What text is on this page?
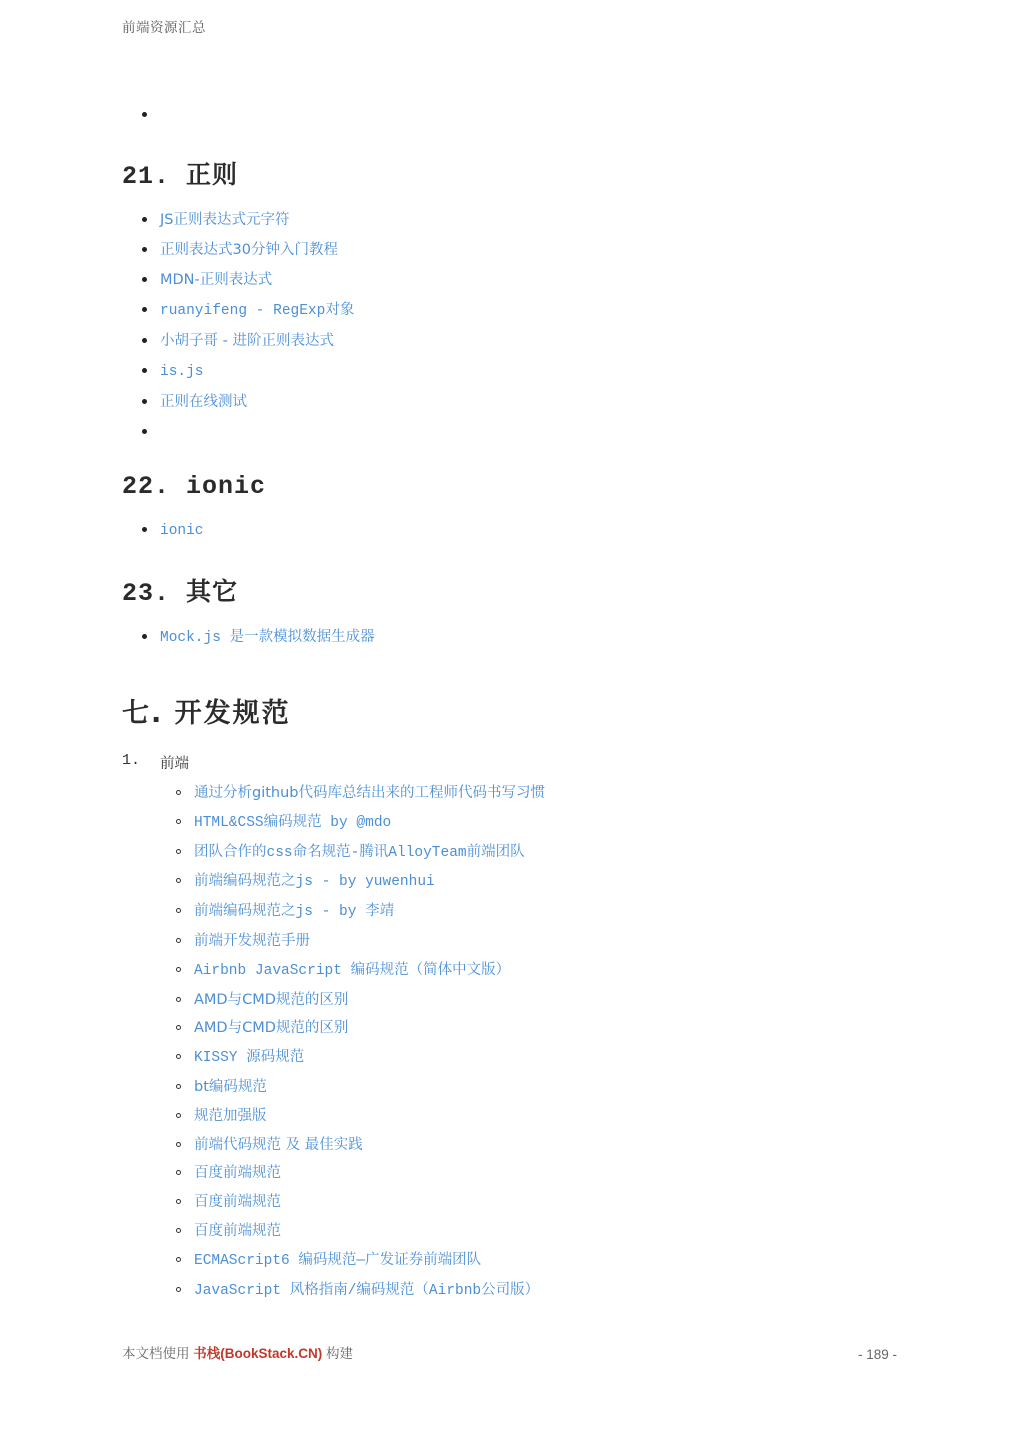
前端资源汇总
21. 正则
JS正则表达式元字符
正则表达式30分钟入门教程
MDN-正则表达式
ruanyifeng - RegExp对象
小胡子哥 - 进阶正则表达式
is.js
正则在线测试
22. ionic
ionic
23. 其它
Mock.js 是一款模拟数据生成器
七. 开发规范
1.	前端
通过分析github代码库总结出来的工程师代码书写习惯
HTML&CSS编码规范 by @mdo
团队合作的css命名规范-腾讯AlloyTeam前端团队
前端编码规范之js - by yuwenhui
前端编码规范之js - by 李靖
前端开发规范手册
Airbnb JavaScript 编码规范（简体中文版）
AMD与CMD规范的区别
AMD与CMD规范的区别
KISSY 源码规范
bt编码规范
规范加强版
前端代码规范 及 最佳实践
百度前端规范
百度前端规范
百度前端规范
ECMAScript6 编码规范—广发证券前端团队
JavaScript 风格指南/编码规范（Airbnb公司版）
本文档使用 书栈(BookStack.CN) 构建	- 189 -
